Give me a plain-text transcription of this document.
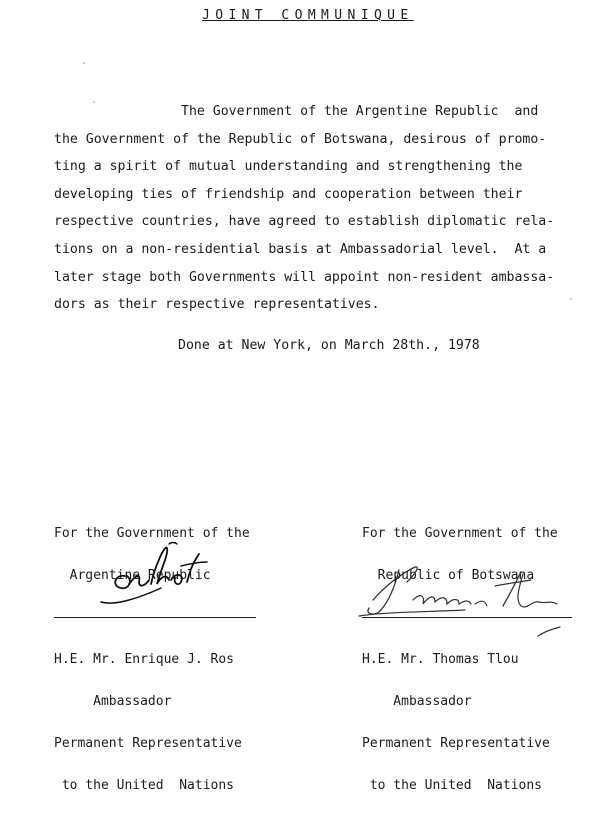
JOINT COMMUNIQUE
The Government of the Argentine Republic  and
the Government of the Republic of Botswana, desirous of promo-
ting a spirit of mutual understanding and strengthening the
developing ties of friendship and cooperation between their
respective countries, have agreed to establish diplomatic rela-
tions on a non-residential basis at Ambassadorial level.  At a
later stage both Governments will appoint non-resident ambassa-
dors as their respective representatives.
Done at New York, on March 28th., 1978

For the Government of the

Argentine Republic

For the Government of the

Republic of Botswana

H.E. Mr. Enrique J. Ros

Ambassador

Permanent Representative

to the United  Nations

H.E. Mr. Thomas Tlou

Ambassador

Permanent Representative

to the United  Nations
